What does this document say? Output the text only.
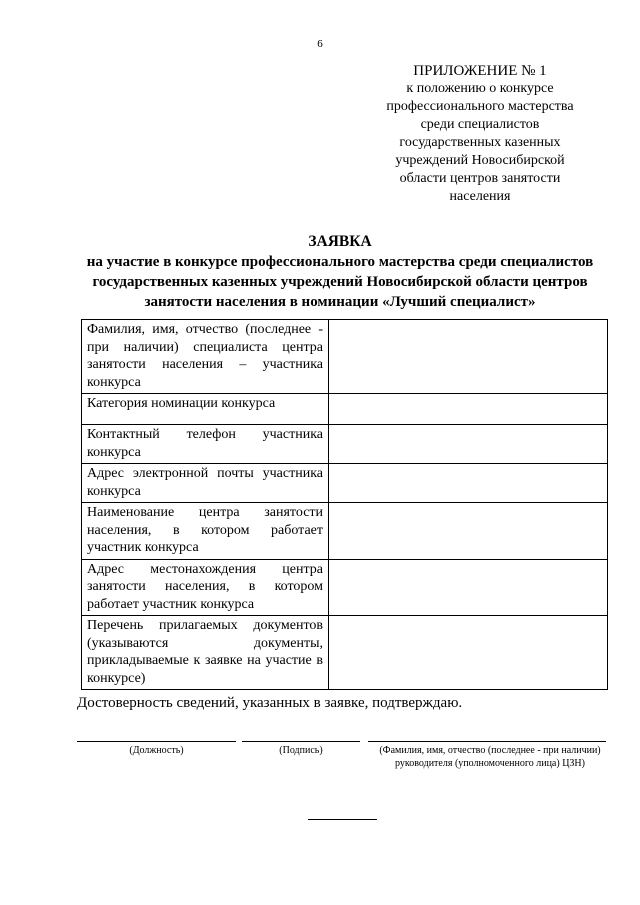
6
ПРИЛОЖЕНИЕ № 1
к положению о конкурсе
профессионального мастерства
среди специалистов
государственных казенных
учреждений Новосибирской
области центров занятости
населения
ЗАЯВКА
на участие в конкурсе профессионального мастерства среди специалистов
государственных казенных учреждений Новосибирской области центров
занятости населения в номинации «Лучший специалист»
Фамилия, имя, отчество (последнее - при наличии) специалиста центра занятости населения – участника конкурса	
Категория номинации конкурса	
Контактный телефон участника конкурса	
Адрес электронной почты участника конкурса	
Наименование центра занятости населения, в котором работает участник конкурса	
Адрес местонахождения центра занятости населения, в котором работает участник конкурса	
Перечень прилагаемых документов (указываются документы, прикладываемые к заявке на участие в конкурсе)	
Достоверность сведений, указанных в заявке, подтверждаю.
(Должность)	(Подпись)	(Фамилия, имя, отчество (последнее - при наличии)
руководителя (уполномоченного лица) ЦЗН)
